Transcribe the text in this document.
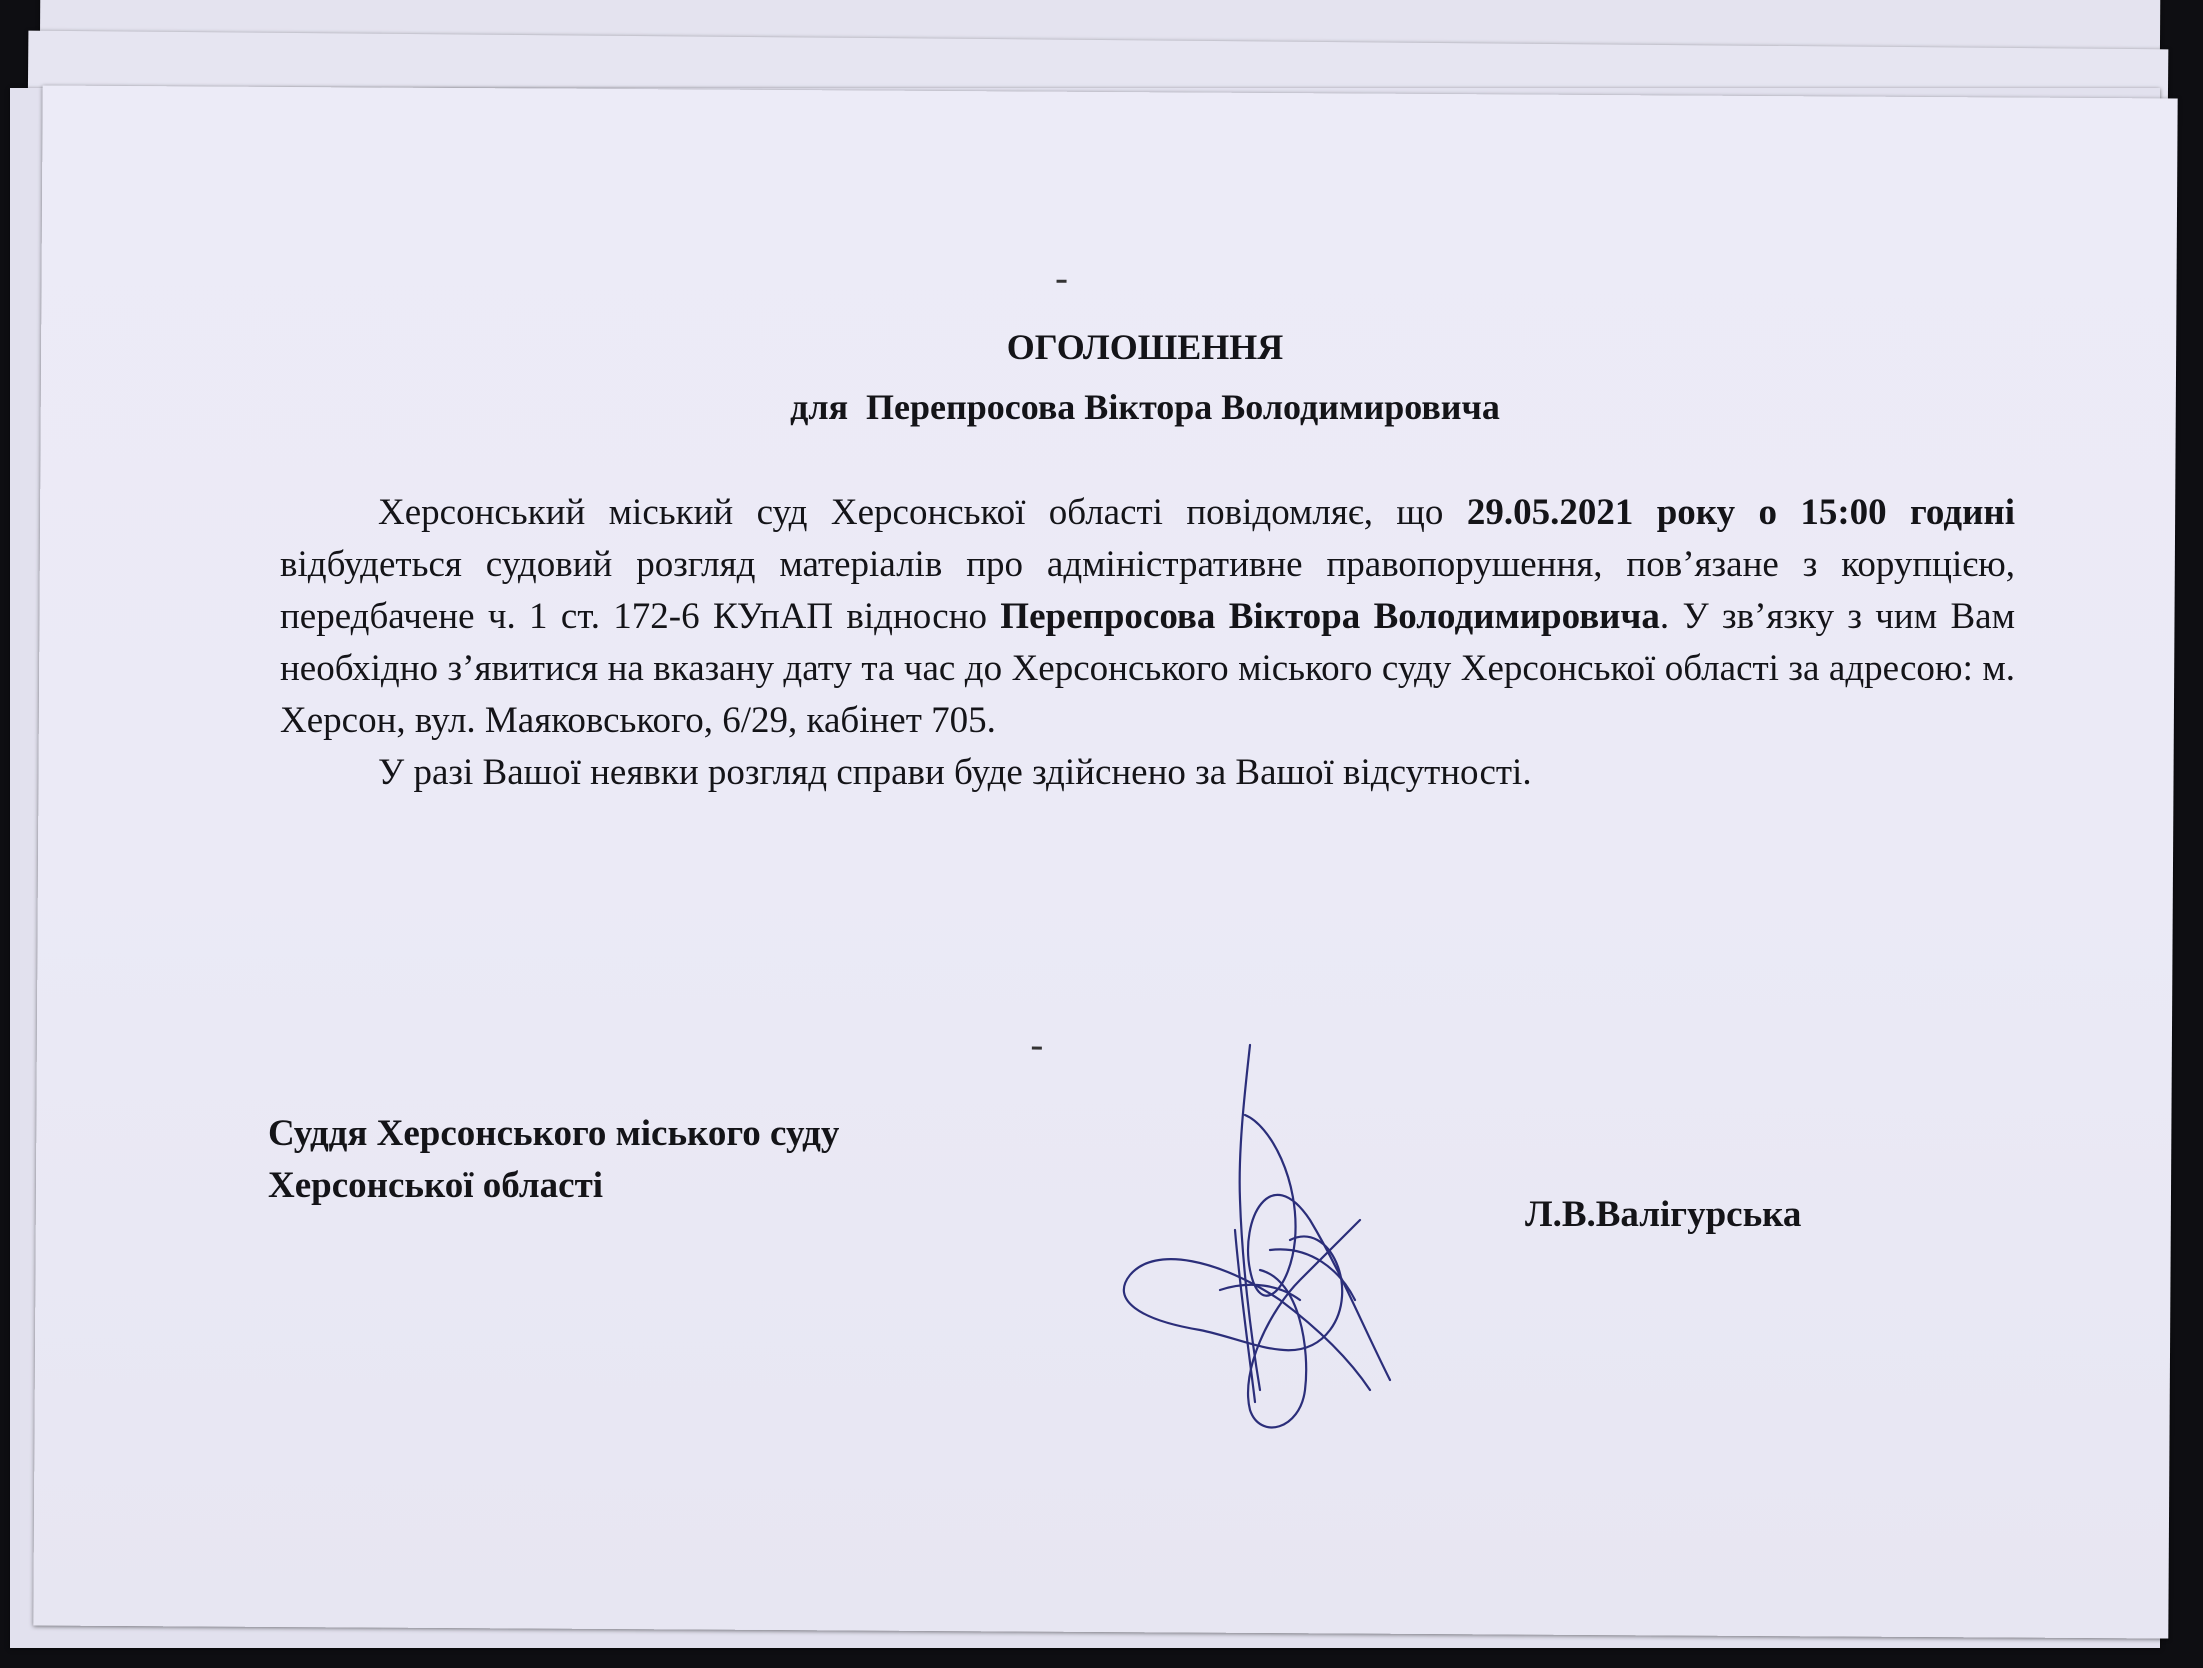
ОГОЛОШЕННЯ
для  Перепросова Віктора Володимировича

Херсонський міський суд Херсонської області повідомляє, що 29.05.2021 року о 15:00 годині відбудеться судовий розгляд матеріалів про адміністративне правопорушення, пов’язане з корупцією, передбачене ч. 1 ст. 172-6 КУпАП відносно Перепросова Віктора Володимировича. У зв’язку з чим Вам необхідно з’явитися на вказану дату та час до Херсонського міського суду Херсонської області за адресою: м. Херсон, вул. Маяковського, 6/29, кабінет 705.

У разі Вашої неявки розгляд справи буде здійснено за Вашої відсутності.

Суддя Херсонського міського суду
Херсонської області
Л.В.Валігурська
